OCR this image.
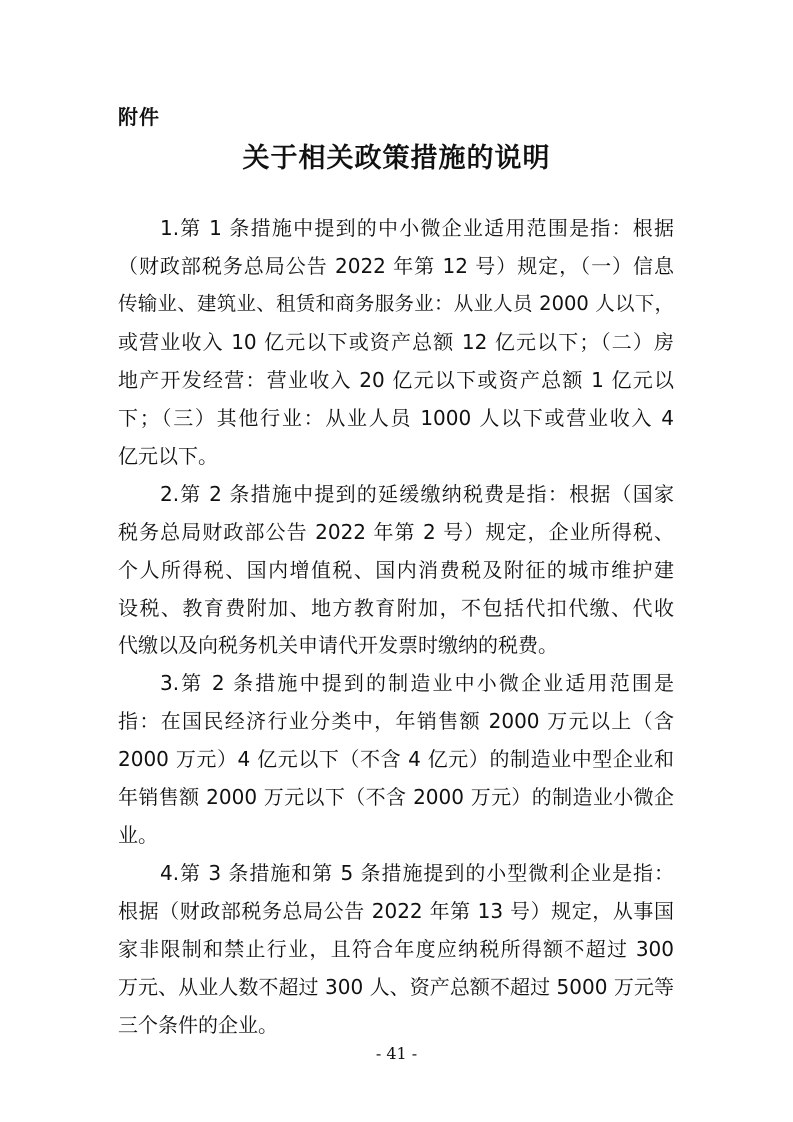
附件
关于相关政策措施的说明
1.第 1 条措施中提到的中小微企业适用范围是指：根据
（财政部税务总局公告 2022 年第 12 号）规定，（一）信息
传输业、建筑业、租赁和商务服务业：从业人员 2000 人以下，
或营业收入 10 亿元以下或资产总额 12 亿元以下；（二）房
地产开发经营：营业收入 20 亿元以下或资产总额 1 亿元以
下；（三）其他行业：从业人员 1000 人以下或营业收入 4
亿元以下。
2.第 2 条措施中提到的延缓缴纳税费是指：根据（国家
税务总局财政部公告 2022 年第 2 号）规定，企业所得税、
个人所得税、国内增值税、国内消费税及附征的城市维护建
设税、教育费附加、地方教育附加，不包括代扣代缴、代收
代缴以及向税务机关申请代开发票时缴纳的税费。
3.第 2 条措施中提到的制造业中小微企业适用范围是
指：在国民经济行业分类中，年销售额 2000 万元以上（含
2000 万元）4 亿元以下（不含 4 亿元）的制造业中型企业和
年销售额 2000 万元以下（不含 2000 万元）的制造业小微企
业。
4.第 3 条措施和第 5 条措施提到的小型微利企业是指：
根据（财政部税务总局公告 2022 年第 13 号）规定，从事国
家非限制和禁止行业，且符合年度应纳税所得额不超过 300
万元、从业人数不超过 300 人、资产总额不超过 5000 万元等
三个条件的企业。
- 41 -
